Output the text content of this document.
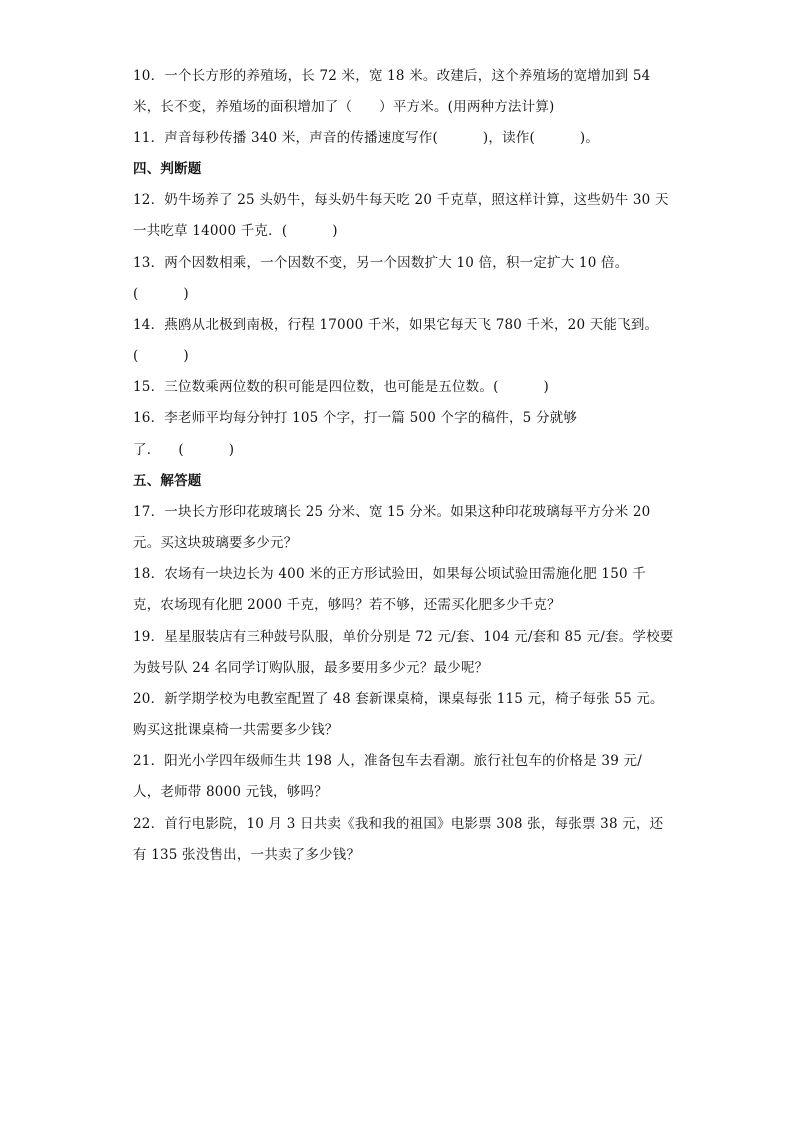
10．一个长方形的养殖场，长 72 米，宽 18 米。改建后，这个养殖场的宽增加到 54
米，长不变，养殖场的面积增加了（      ）平方米。(用两种方法计算)
11．声音每秒传播 340 米，声音的传播速度写作(          )，读作(          )。
四、判断题
12．奶牛场养了 25 头奶牛，每头奶牛每天吃 20 千克草，照这样计算，这些奶牛 30 天
一共吃草 14000 千克．(          )
13．两个因数相乘，一个因数不变，另一个因数扩大 10 倍，积一定扩大 10 倍。
(          )
14．燕鸥从北极到南极，行程 17000 千米，如果它每天飞 780 千米，20 天能飞到。
(          )
15．三位数乘两位数的积可能是四位数，也可能是五位数。(          )
16．李老师平均每分钟打 105 个字，打一篇 500 个字的稿件，5 分就够
了．    (          )
五、解答题
17．一块长方形印花玻璃长 25 分米、宽 15 分米。如果这种印花玻璃每平方分米 20
元。买这块玻璃要多少元？
18．农场有一块边长为 400 米的正方形试验田，如果每公顷试验田需施化肥 150 千
克，农场现有化肥 2000 千克，够吗？若不够，还需买化肥多少千克？
19．星星服装店有三种鼓号队服，单价分别是 72 元/套、104 元/套和 85 元/套。学校要
为鼓号队 24 名同学订购队服，最多要用多少元？最少呢？
20．新学期学校为电教室配置了 48 套新课桌椅，课桌每张 115 元，椅子每张 55 元。
购买这批课桌椅一共需要多少钱？
21．阳光小学四年级师生共 198 人，准备包车去看潮。旅行社包车的价格是 39 元/
人，老师带 8000 元钱，够吗？
22．首行电影院，10 月 3 日共卖《我和我的祖国》电影票 308 张，每张票 38 元，还
有 135 张没售出，一共卖了多少钱？
